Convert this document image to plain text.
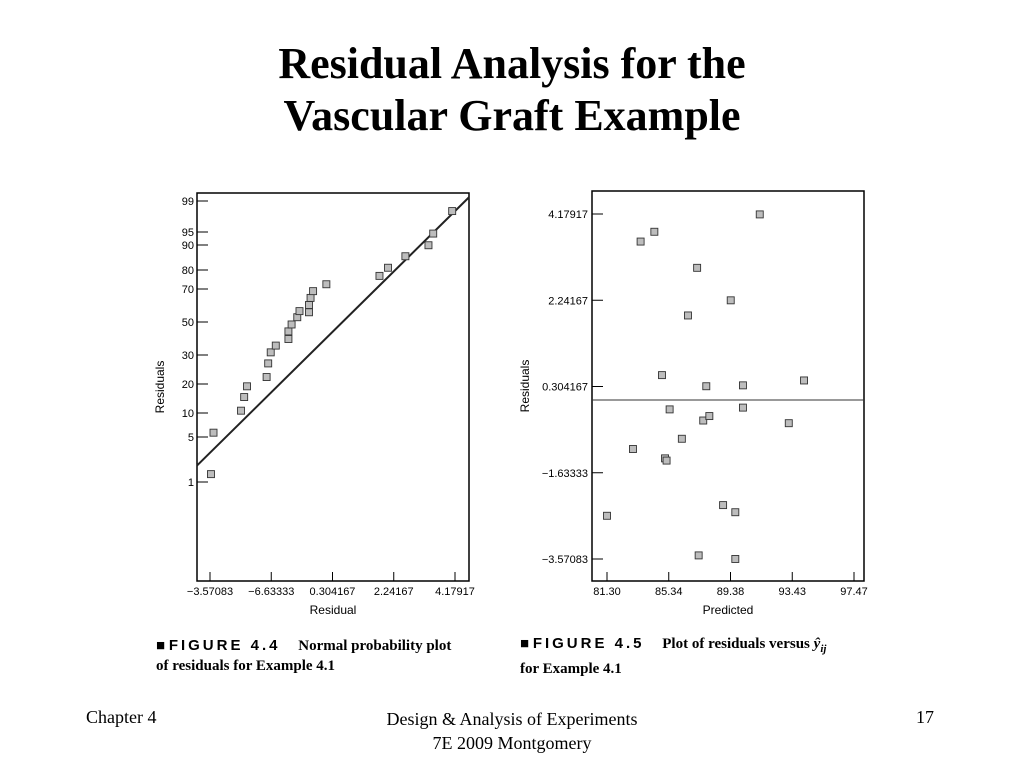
Residual Analysis for the
Vascular Graft Example
1
5
10
20
30
50
70
80
90
95
99
−3.57083 −6.63333 0.304167 2.24167 4.17917
Residual
Residuals
4.17917
2.24167
0.304167
−1.63333
−3.57083
81.30	85.34	89.38	93.43	97.47
Predicted
Residuals
■ FIGURE 4.4 Normal probability plot
of residuals for Example 4.1
■ FIGURE 4.5 Plot of residuals versus $ŷ_{ij}$
for Example 4.1
Chapter 4	Design & Analysis of Experiments
7E 2009 Montgomery
17
